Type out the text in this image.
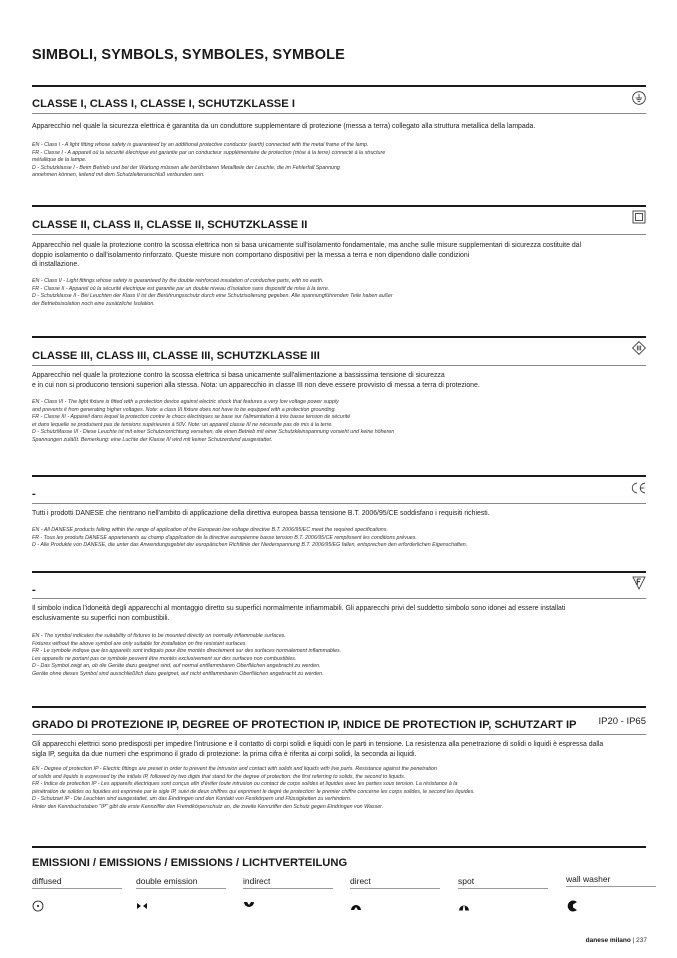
SIMBOLI, SYMBOLS, SYMBOLES, SYMBOLE
CLASSE I, CLASS I, CLASSE I, SCHUTZKLASSE I
Apparecchio nel quale la sicurezza elettrica è garantita da un conduttore supplementare di protezione (messa a terra) collegato alla struttura metallica della lampada.
EN - Class I - A light fitting whose safety is guaranteed by an additional protective conductor (earth) connected with the metal frame of the lamp.
FR - Classe I - A appareil où la sécurité électrique est garantie par un conducteur supplémentaire de protection (mise à la terre) connecté à la structure
métallique de la lampe.
D - Schutzklasse I - Beim Betrieb und bei der Wartung müssen alle berührbaren Metallteile der Leuchte, die im Fehlerfall Spannung
annehmen können, leitend mit dem Schutzleiteranschluß verbunden sein.
CLASSE II, CLASS II, CLASSE II, SCHUTZKLASSE II
Apparecchio nel quale la protezione contro la scossa elettrica non si basa unicamente sull'isolamento fondamentale, ma anche sulle misure supplementari di sicurezza costituite dal
doppio isolamento o dall'isolamento rinforzato. Queste misure non comportano dispositivi per la messa a terra e non dipendono dalle condizioni
di installazione.
EN - Class II - Light fittings whose safety is guaranteed by the double reinforced insulation of conductive parts, with no earth.
FR - Classe II - Appareil où la sécurité électrique est garantie par un double niveau d'isolation sans dispositif de mise à la terre.
D - Schutzklasse II - Bei Leuchten der Klass II ist der Berührungsschutz durch eine Schutzisolierung gegeben. Alle spannungführenden Teile haben außer
der Betriebsisolation noch eine zusätzliche Isolation.
CLASSE III, CLASS III, CLASSE III, SCHUTZKLASSE III
Apparecchio nel quale la protezione contro la scossa elettrica si basa unicamente sull'alimentazione a bassissima tensione di sicurezza
e in cui non si producono tensioni superiori alla stessa. Nota: un apparecchio in classe III non deve essere provvisto di messa a terra di protezione.
EN - Class III - The light fixture is fitted with a protection device against electric shock that features a very low voltage power supply
and prevents it from generating higher voltages. Note: a class III fixture does not have to be equipped with a protection grounding.
FR - Classe III - Appareil dans lequel la protection contre le chocs électriques se base sur l'alimentation à très basse tension de sécurité
et dans lequelle se produisent pas de tensions supérieures à 50V. Note: un appareil classe III ne nécessite pas de mis à la terre.
D - SchutzMasse III - Diese Leuchte ist mit einer Schutzvorrichtung versehen, die einen Betrieb mit einer Schutzkleinspannung vorsieht und keine höheren
Spannungen zuläßt. Bemerkung: eine Luchte der Klasse III wird mit keiner Schutzerdund ausgestattet.
-
Tutti i prodotti DANESE che rientrano nell'ambito di applicazione della direttiva europea bassa tensione B.T. 2006/95/CE soddisfano i requisiti richiesti.
EN - All DANESE products falling within the range of application of the European low voltage directive B.T. 2006/95/EC meet the required specifications.
FR - Tous les produits DANESE appartenants au champ d'application de la directive européenne basse tension B.T. 2006/95/CE remplissent les conditions prévues.
D - Alle Produkte von DANESE, die unter das Anwendungsgebiet der europäischen Richtlinie der Niederspannung B.T. 2006/95/EG fallen, entsprechen den erforderlichen Eigenschaften.
-
Il simbolo indica l'idoneità degli apparecchi al montaggio diretto su superfici normalmente infiammabili. Gli apparecchi privi del suddetto simbolo sono idonei ad essere installati
esclusivamente su superfici non combustibili.
EN - The symbol indicates the suitability of fixtures to be mounted directly on normally inflammable surfaces.
Fixtures without the above symbol are only suitable for installation on fire resistant surfaces.
FR - Le symbole indique que les appareils sont indiqués pour être montés directement sur des surfaces normalement inflammables.
Les appareils ne portant pas ce symbole peuvent être montés exclusivement sur des surfaces non combustibles.
D - Das Symbol zeigt an, ob die Geräte dazu geeignet sind, auf normal entflammbaren Oberflächen angebracht zu werden.
Geräte ohne dieses Symbol sind ausschließlich dazu geeignet, auf nicht entflammbaren Oberflächen angebracht zu werden.
GRADO DI PROTEZIONE IP, DEGREE OF PROTECTION IP, INDICE DE PROTECTION IP, SCHUTZART IP IP20 - IP65
Gli apparecchi elettrici sono predisposti per impedire l'intrusione e il contatto di corpi solidi e liquidi con le parti in tensione. La resistenza alla penetrazione di solidi o liquidi è espressa dalla
sigla IP, seguita da due numeri che esprimono il grado di protezione: la prima cifra è riferita ai corpi solidi, la seconda ai liquidi.
EN - Degree of protection IP - Electric fittings are preset in order to prevent the intrusion and contact with solids and liquids with live parts. Resistance against the penetration
of solids and liquids is expressed by the initials IP, followed by two digits that stand for the degree of protection: the first referring to solids, the second to liquids.
FR - Indice de protection IP - Les appareils électriques sont conçus afin d'éviter toute intrusion ou contact de corps solides et liquides avec les parties sous tension. La résistance à la
pénétration de solides ou liquides est exprimée par le sigle IP, suivi de deux chiffres qui expriment le degré de protection: le premier chiffre concerne les corps solides, le second les liquides.
D - Schutzart IP - Die Leuchten sind ausgestattet, um das Eindringen und den Kontakt von Festkörpern und Flüssigkeiten zu verhindern.
Hinter den Kennbuchstaben "IP" gibt die erste Kennziffer den Fremdkörperschutz an, die zweite Kennziffer den Schutz gegen Eindringen von Wasser.
EMISSIONI / EMISSIONS / EMISSIONS / LICHTVERTEILUNG
diffused	double emission	indirect	direct	spot	wall washer
danese milano | 237
